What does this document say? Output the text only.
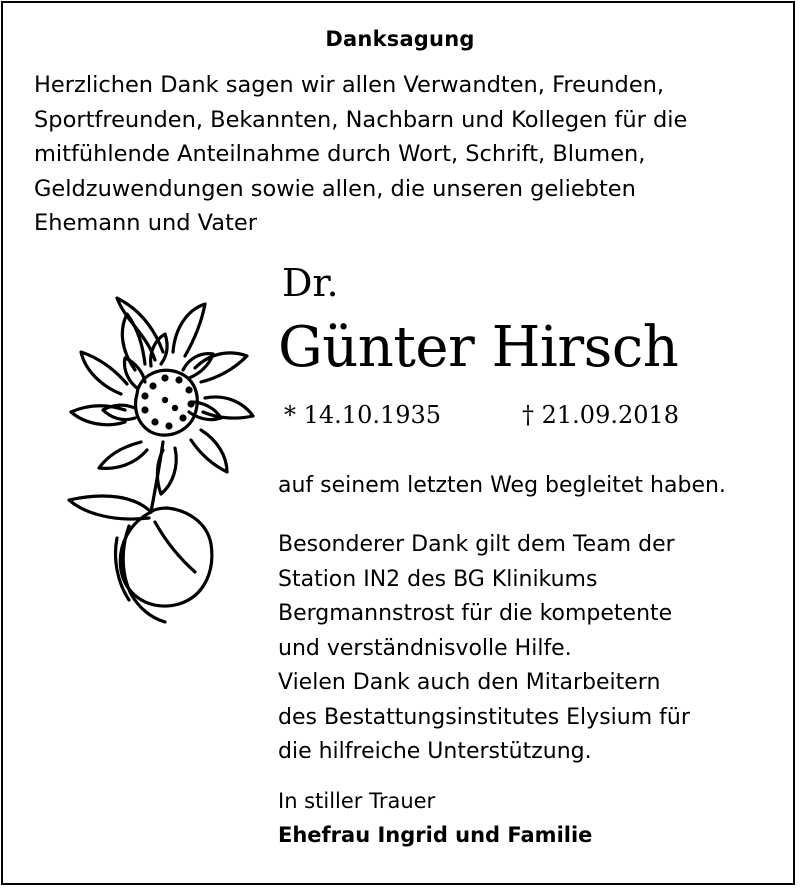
Danksagung
Herzlichen Dank sagen wir allen Verwandten, Freunden,
Sportfreunden, Bekannten, Nachbarn und Kollegen für die
mitfühlende Anteilnahme durch Wort, Schrift, Blumen,
Geldzuwendungen sowie allen, die unseren geliebten
Ehemann und Vater
Dr.
Günter Hirsch
* 14.10.1935	† 21.09.2018
auf seinem letzten Weg begleitet haben.
Besonderer Dank gilt dem Team der
Station IN2 des BG Klinikums
Bergmannstrost für die kompetente
und verständnisvolle Hilfe.
Vielen Dank auch den Mitarbeitern
des Bestattungsinstitutes Elysium für
die hilfreiche Unterstützung.
In stiller Trauer
Ehefrau Ingrid und Familie
